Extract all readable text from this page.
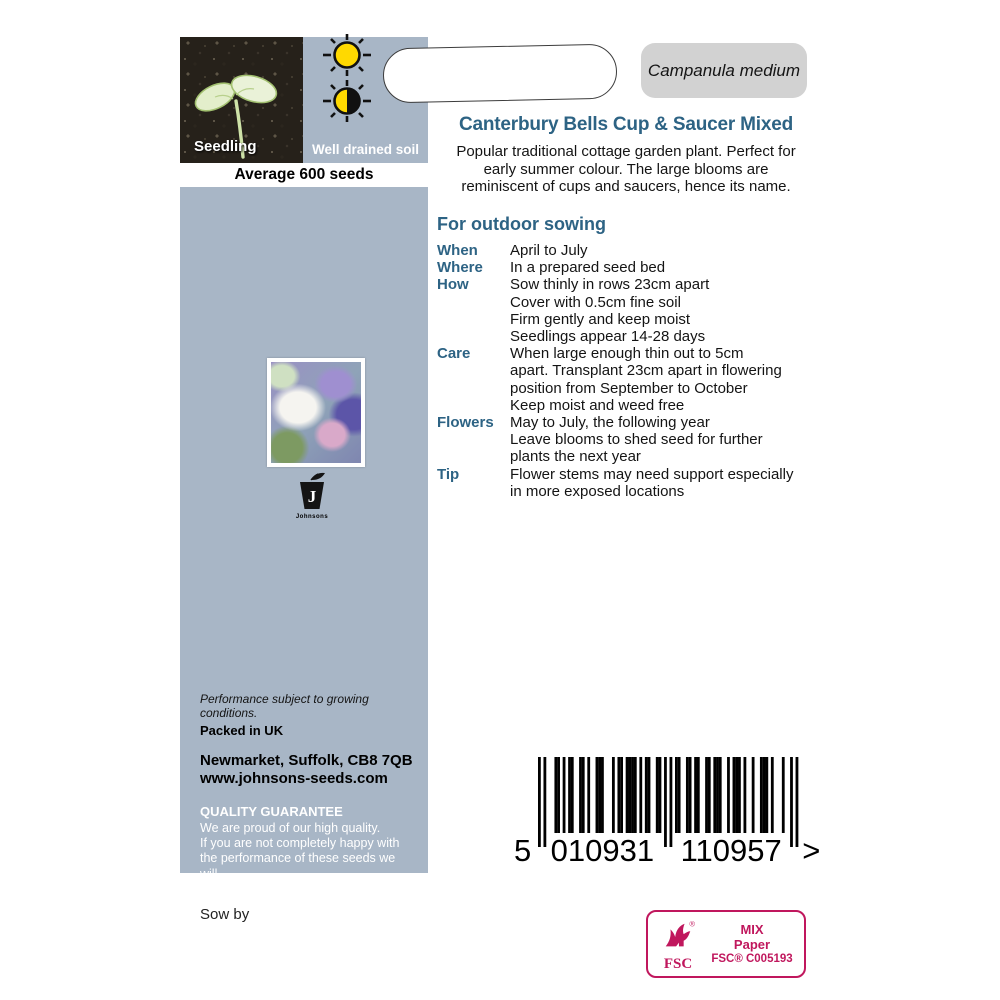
Seedling	Well drained soil
Average 600 seeds
J
Johnsons
Performance subject to growing conditions.
Packed in UK
Newmarket, Suffolk, CB8 7QB
www.johnsons-seeds.com
QUALITY GUARANTEE
We are proud of our high quality.
If you are not completely happy with
the performance of these seeds we will
replace them. This does not affect your
statutory rights.
Campanula medium
Canterbury Bells Cup & Saucer Mixed
Popular traditional cottage garden plant. Perfect for early summer colour. The large blooms are reminiscent of cups and saucers, hence its name.
For outdoor sowing
When	April to July
Where	In a prepared seed bed
How	Sow thinly in rows 23cm apart
Cover with 0.5cm fine soil
Firm gently and keep moist
Seedlings appear 14-28 days
Care	When large enough thin out to 5cm
apart. Transplant 23cm apart in flowering
position from September to October
Keep moist and weed free
Flowers	May to July, the following year
Leave blooms to shed seed for further
plants the next year
Tip	Flower stems may need support especially
in more exposed locations
5 010931 110957 >
Sow by
®
FSC
MIX
Paper
FSC® C005193
